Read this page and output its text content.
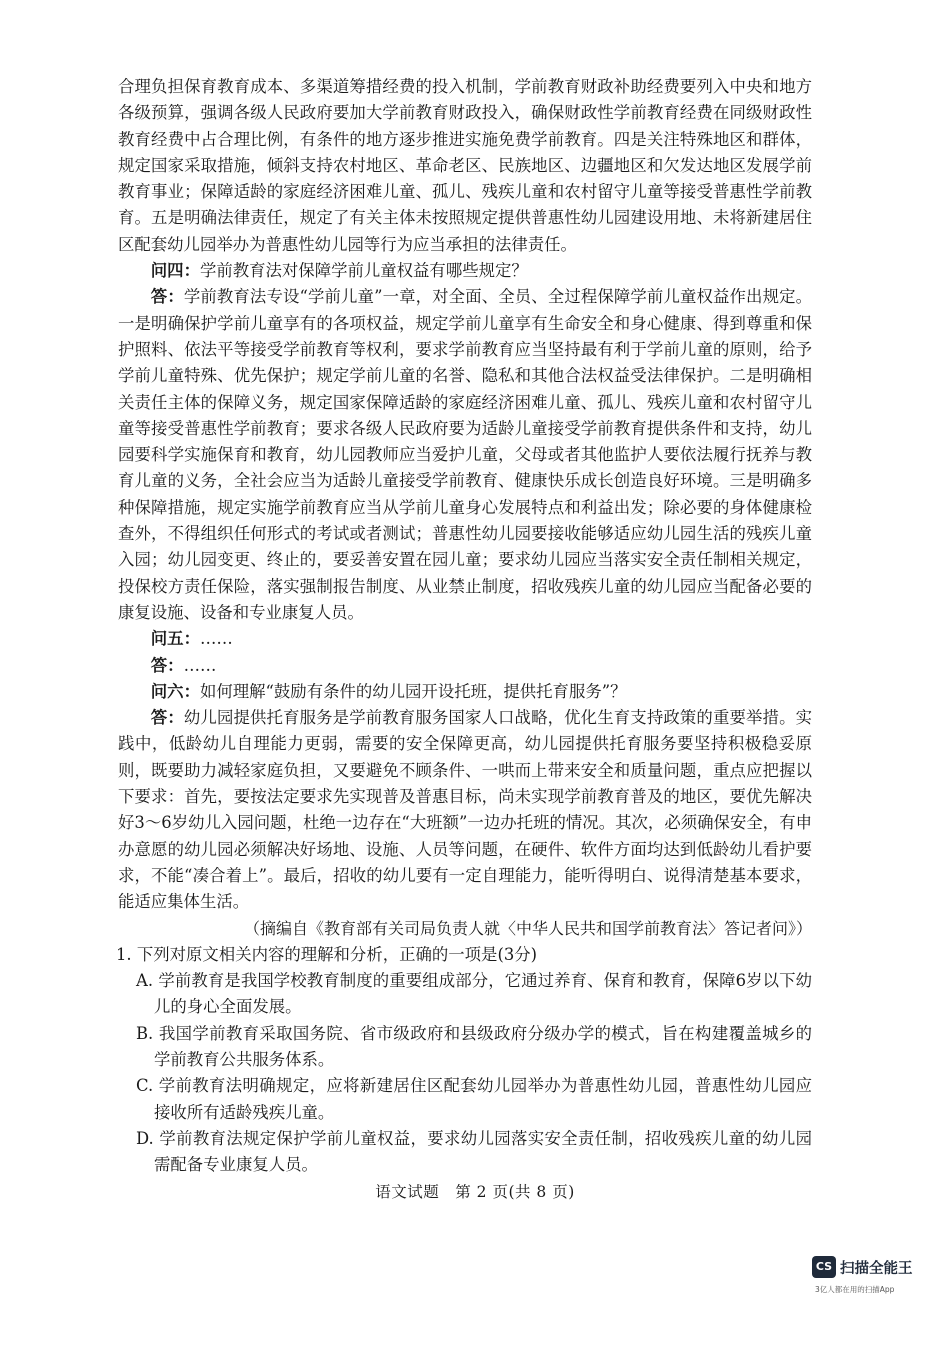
合理负担保育教育成本、多渠道筹措经费的投入机制，学前教育财政补助经费要列入中央和地方各级预算，强调各级人民政府要加大学前教育财政投入，确保财政性学前教育经费在同级财政性教育经费中占合理比例，有条件的地方逐步推进实施免费学前教育。四是关注特殊地区和群体，规定国家采取措施，倾斜支持农村地区、革命老区、民族地区、边疆地区和欠发达地区发展学前教育事业；保障适龄的家庭经济困难儿童、孤儿、残疾儿童和农村留守儿童等接受普惠性学前教育。五是明确法律责任，规定了有关主体未按照规定提供普惠性幼儿园建设用地、未将新建居住区配套幼儿园举办为普惠性幼儿园等行为应当承担的法律责任。

问四：学前教育法对保障学前儿童权益有哪些规定？

答：学前教育法专设“学前儿童”一章，对全面、全员、全过程保障学前儿童权益作出规定。一是明确保护学前儿童享有的各项权益，规定学前儿童享有生命安全和身心健康、得到尊重和保护照料、依法平等接受学前教育等权利，要求学前教育应当坚持最有利于学前儿童的原则，给予学前儿童特殊、优先保护；规定学前儿童的名誉、隐私和其他合法权益受法律保护。二是明确相关责任主体的保障义务，规定国家保障适龄的家庭经济困难儿童、孤儿、残疾儿童和农村留守儿童等接受普惠性学前教育；要求各级人民政府要为适龄儿童接受学前教育提供条件和支持，幼儿园要科学实施保育和教育，幼儿园教师应当爱护儿童，父母或者其他监护人要依法履行抚养与教育儿童的义务，全社会应当为适龄儿童接受学前教育、健康快乐成长创造良好环境。三是明确多种保障措施，规定实施学前教育应当从学前儿童身心发展特点和利益出发；除必要的身体健康检查外，不得组织任何形式的考试或者测试；普惠性幼儿园要接收能够适应幼儿园生活的残疾儿童入园；幼儿园变更、终止的，要妥善安置在园儿童；要求幼儿园应当落实安全责任制相关规定，投保校方责任保险，落实强制报告制度、从业禁止制度，招收残疾儿童的幼儿园应当配备必要的康复设施、设备和专业康复人员。

问五：……

答：……

问六：如何理解“鼓励有条件的幼儿园开设托班，提供托育服务”？

答：幼儿园提供托育服务是学前教育服务国家人口战略，优化生育支持政策的重要举措。实践中，低龄幼儿自理能力更弱，需要的安全保障更高，幼儿园提供托育服务要坚持积极稳妥原则，既要助力减轻家庭负担，又要避免不顾条件、一哄而上带来安全和质量问题，重点应把握以下要求：首先，要按法定要求先实现普及普惠目标，尚未实现学前教育普及的地区，要优先解决好3～6岁幼儿入园问题，杜绝一边存在“大班额”一边办托班的情况。其次，必须确保安全，有申办意愿的幼儿园必须解决好场地、设施、人员等问题，在硬件、软件方面均达到低龄幼儿看护要求，不能“凑合着上”。最后，招收的幼儿要有一定自理能力，能听得明白、说得清楚基本要求，能适应集体生活。

（摘编自《教育部有关司局负责人就〈中华人民共和国学前教育法〉答记者问》）

1. 下列对原文相关内容的理解和分析，正确的一项是(3分)

A. 学前教育是我国学校教育制度的重要组成部分，它通过养育、保育和教育，保障6岁以下幼儿的身心全面发展。

B. 我国学前教育采取国务院、省市级政府和县级政府分级办学的模式，旨在构建覆盖城乡的学前教育公共服务体系。

C. 学前教育法明确规定，应将新建居住区配套幼儿园举办为普惠性幼儿园，普惠性幼儿园应接收所有适龄残疾儿童。

D. 学前教育法规定保护学前儿童权益，要求幼儿园落实安全责任制，招收残疾儿童的幼儿园需配备专业康复人员。

语文试题　第 2 页(共 8 页)
CS 扫描全能王
3亿人都在用的扫描App
